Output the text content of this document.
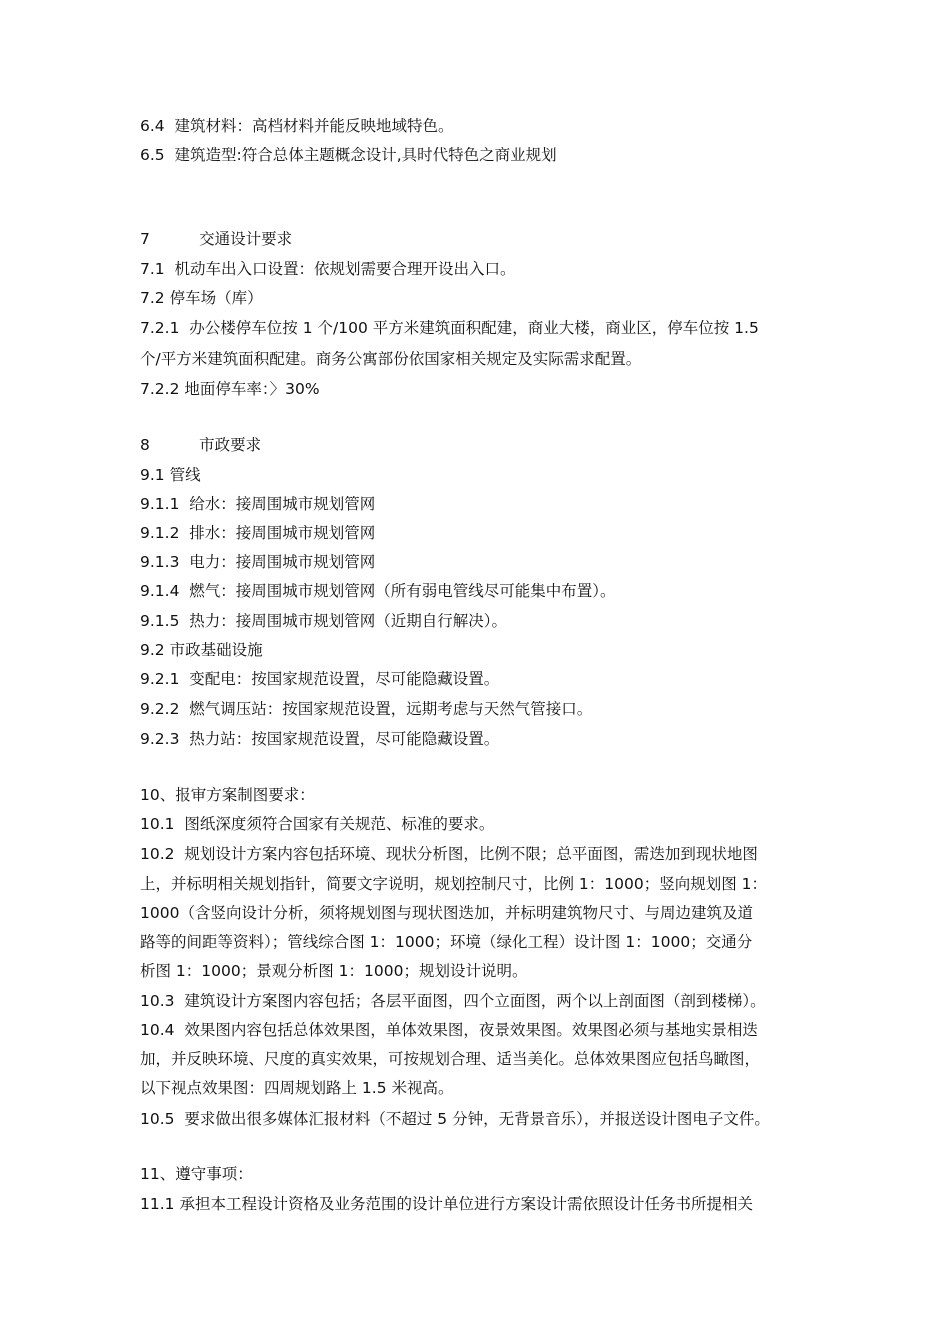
6.4  建筑材料：高档材料并能反映地域特色。
6.5  建筑造型:符合总体主题概念设计,具时代特色之商业规划
7          交通设计要求
7.1  机动车出入口设置：依规划需要合理开设出入口。
7.2 停车场（库）
7.2.1  办公楼停车位按 1 个/100 平方米建筑面积配建，商业大楼，商业区，停车位按 1.5
个/平方米建筑面积配建。商务公寓部份依国家相关规定及实际需求配置。
7.2.2 地面停车率：〉30%
8          市政要求
9.1 管线
9.1.1  给水：接周围城市规划管网
9.1.2  排水：接周围城市规划管网
9.1.3  电力：接周围城市规划管网
9.1.4  燃气：接周围城市规划管网（所有弱电管线尽可能集中布置）。
9.1.5  热力：接周围城市规划管网（近期自行解决）。
9.2 市政基础设施
9.2.1  变配电：按国家规范设置，尽可能隐藏设置。
9.2.2  燃气调压站：按国家规范设置，远期考虑与天然气管接口。
9.2.3  热力站：按国家规范设置，尽可能隐藏设置。
10、报审方案制图要求：
10.1  图纸深度须符合国家有关规范、标准的要求。
10.2  规划设计方案内容包括环境、现状分析图，比例不限；总平面图，需迭加到现状地图
上，并标明相关规划指针，简要文字说明，规划控制尺寸，比例 1：1000；竖向规划图 1：
1000（含竖向设计分析，须将规划图与现状图迭加，并标明建筑物尺寸、与周边建筑及道
路等的间距等资料）；管线综合图 1：1000；环境（绿化工程）设计图 1：1000；交通分
析图 1：1000；景观分析图 1：1000；规划设计说明。
10.3  建筑设计方案图内容包括；各层平面图，四个立面图，两个以上剖面图（剖到楼梯）。
10.4  效果图内容包括总体效果图，单体效果图，夜景效果图。效果图必须与基地实景相迭
加，并反映环境、尺度的真实效果，可按规划合理、适当美化。总体效果图应包括鸟瞰图，
以下视点效果图：四周规划路上 1.5 米视高。
10.5  要求做出很多媒体汇报材料（不超过 5 分钟，无背景音乐），并报送设计图电子文件。
11、遵守事项：
11.1 承担本工程设计资格及业务范围的设计单位进行方案设计需依照设计任务书所提相关
